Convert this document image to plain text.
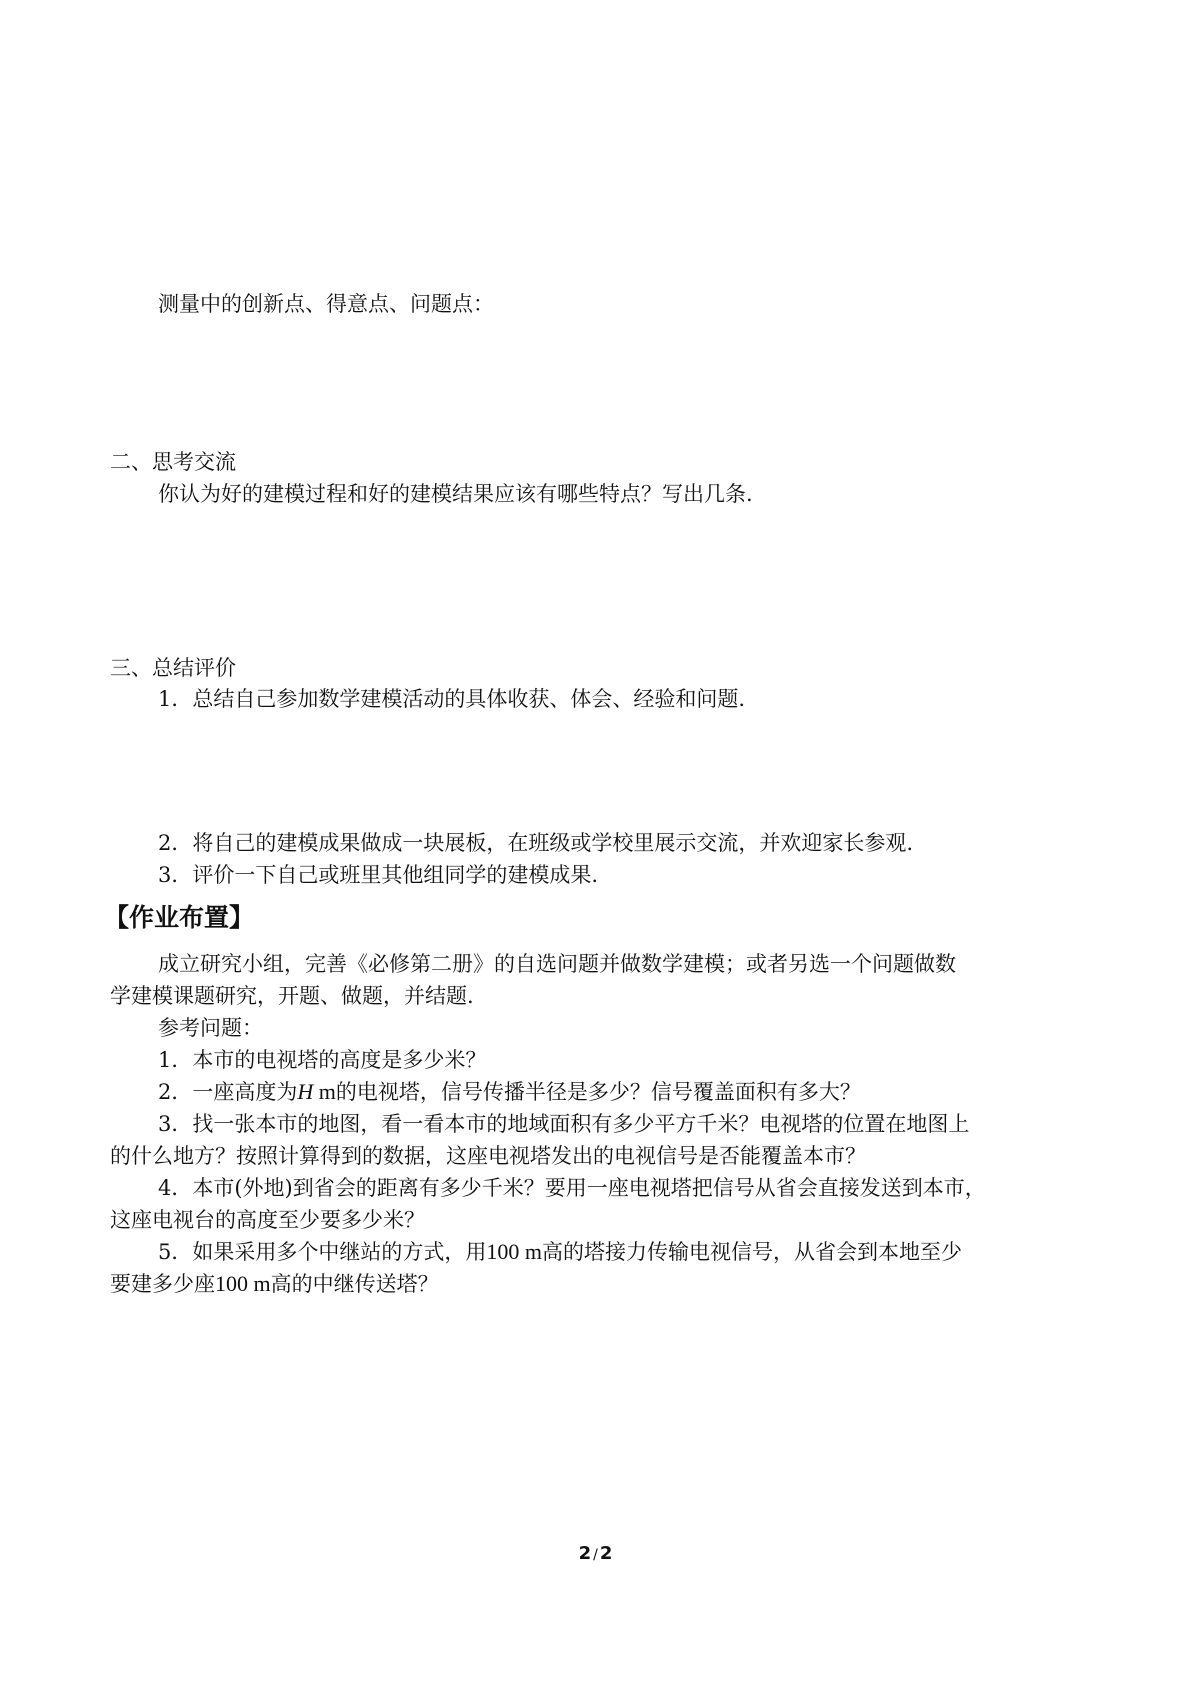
测量中的创新点、得意点、问题点：

二、思考交流

你认为好的建模过程和好的建模结果应该有哪些特点？写出几条.

三、总结评价

1．总结自己参加数学建模活动的具体收获、体会、经验和问题.

2．将自己的建模成果做成一块展板，在班级或学校里展示交流，并欢迎家长参观.

3．评价一下自己或班里其他组同学的建模成果.

【作业布置】

成立研究小组，完善《必修第二册》的自选问题并做数学建模；或者另选一个问题做数

学建模课题研究，开题、做题，并结题.

参考问题：

1．本市的电视塔的高度是多少米？

2．一座高度为H m的电视塔，信号传播半径是多少？信号覆盖面积有多大？

3．找一张本市的地图，看一看本市的地域面积有多少平方千米？电视塔的位置在地图上

的什么地方？按照计算得到的数据，这座电视塔发出的电视信号是否能覆盖本市？

4．本市(外地)到省会的距离有多少千米？要用一座电视塔把信号从省会直接发送到本市，

这座电视台的高度至少要多少米？

5．如果采用多个中继站的方式，用100 m高的塔接力传输电视信号，从省会到本地至少

要建多少座100 m高的中继传送塔？

2 / 2
